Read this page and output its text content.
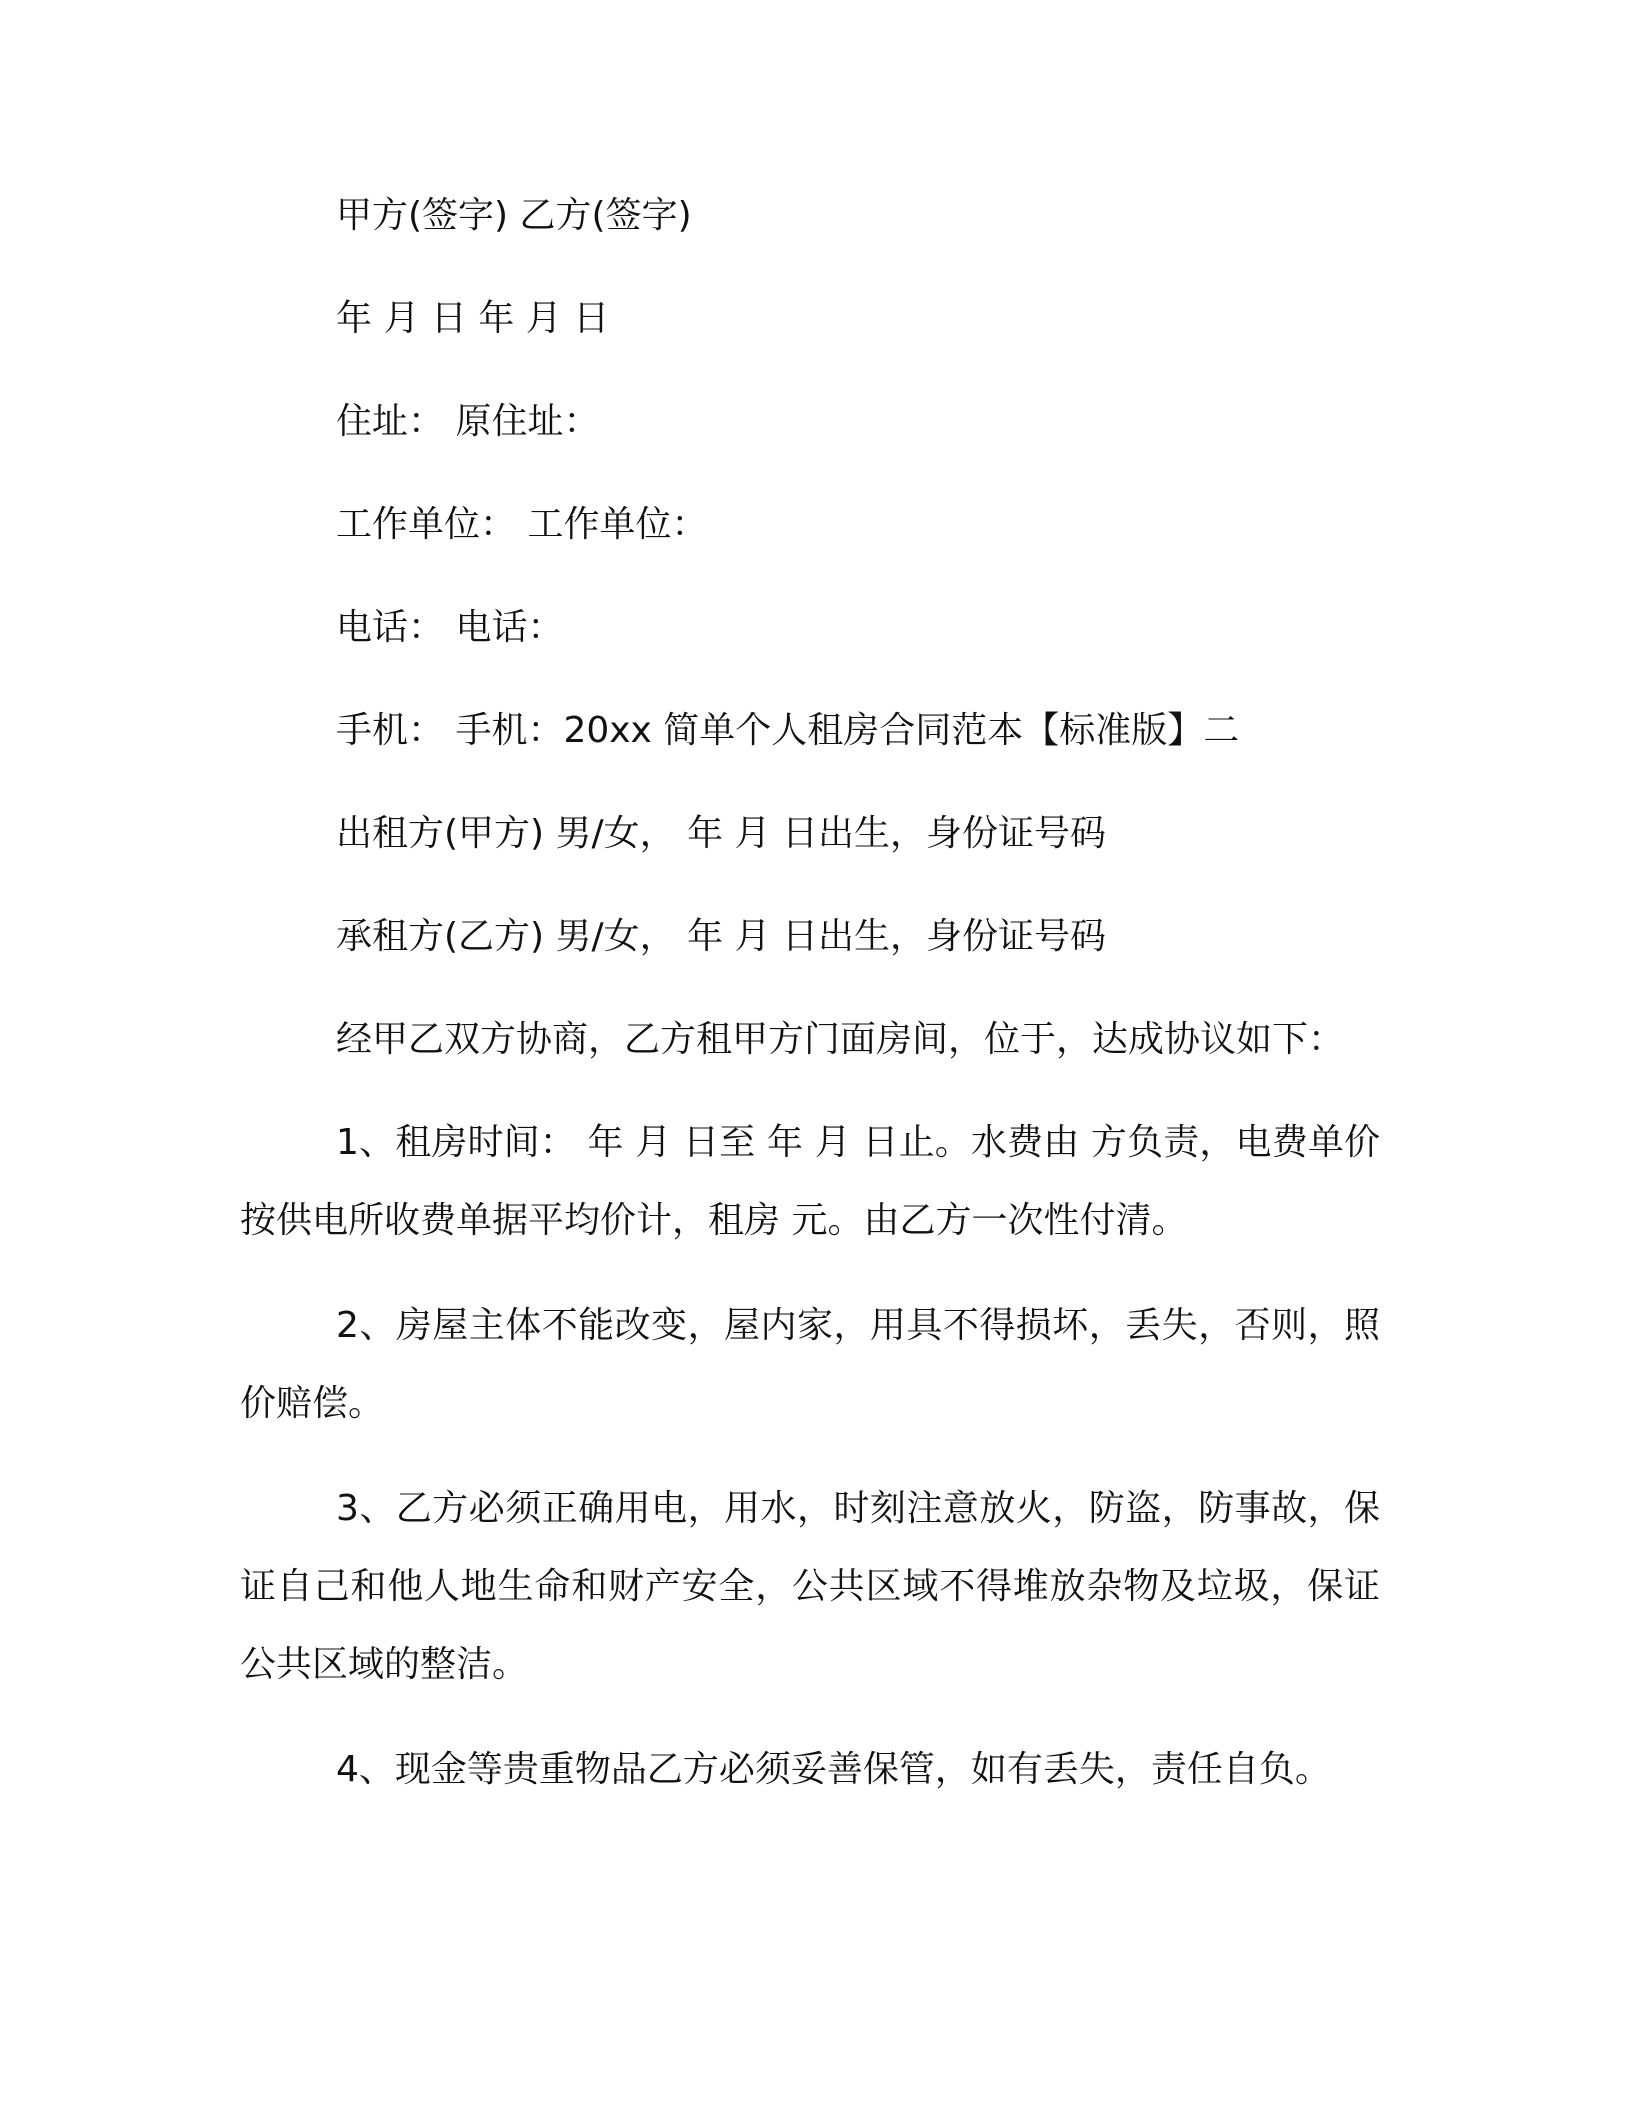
甲方(签字) 乙方(签字)
年 月 日 年 月 日
住址： 原住址：
工作单位： 工作单位：
电话： 电话：
手机： 手机：20xx 简单个人租房合同范本【标准版】二
出租方(甲方) 男/女， 年 月 日出生，身份证号码
承租方(乙方) 男/女， 年 月 日出生，身份证号码
经甲乙双方协商，乙方租甲方门面房间，位于，达成协议如下：
1、租房时间： 年 月 日至 年 月 日止。水费由 方负责，电费单价按供电所收费单据平均价计，租房 元。由乙方一次性付清。
2、房屋主体不能改变，屋内家，用具不得损坏，丢失，否则，照价赔偿。
3、乙方必须正确用电，用水，时刻注意放火，防盗，防事故，保证自己和他人地生命和财产安全，公共区域不得堆放杂物及垃圾，保证公共区域的整洁。
4、现金等贵重物品乙方必须妥善保管，如有丢失，责任自负。
